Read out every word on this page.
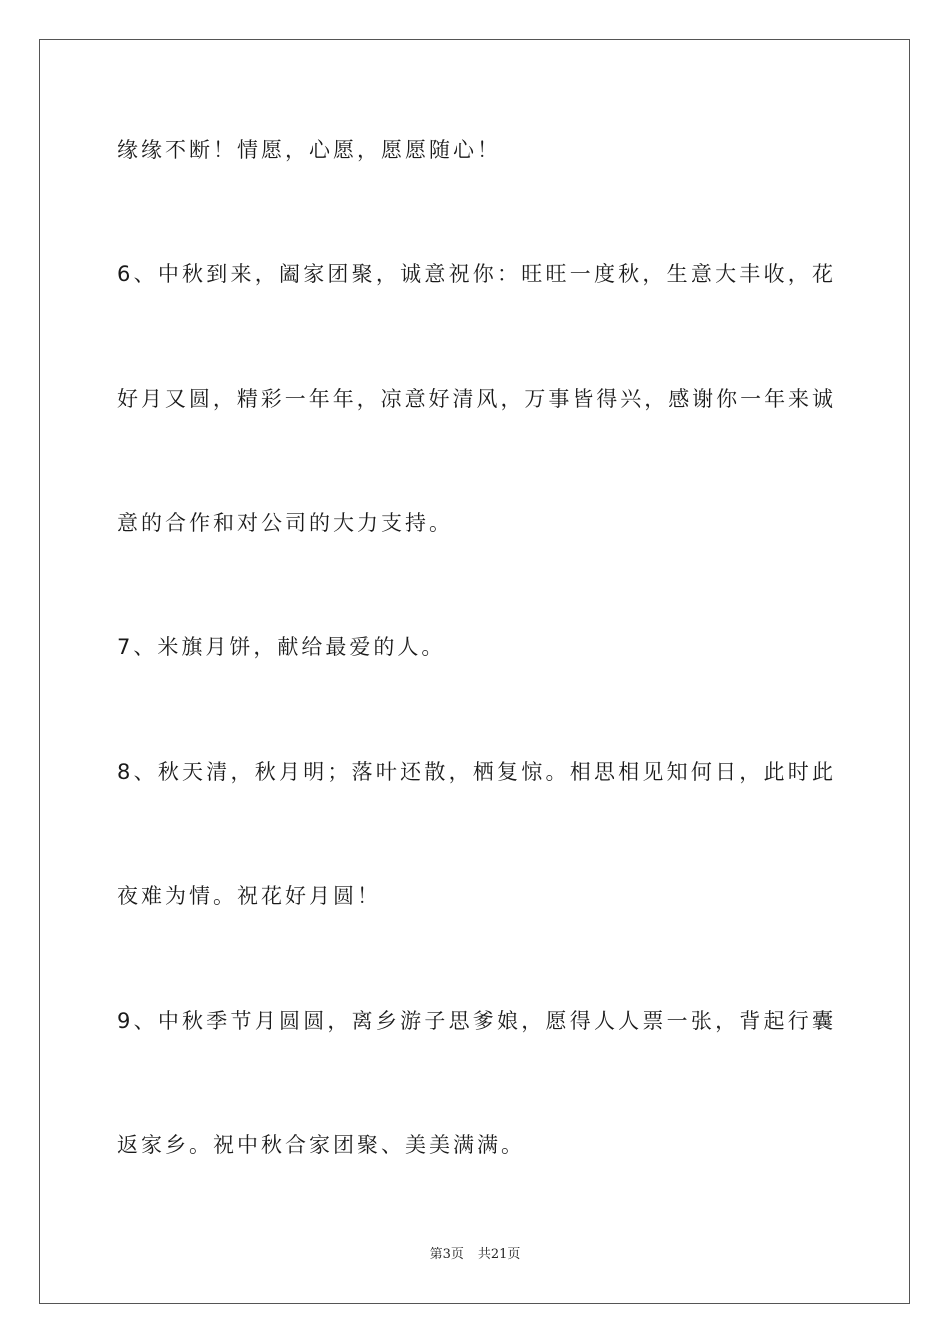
缘缘不断！情愿，心愿，愿愿随心！
6、中秋到来，阖家团聚，诚意祝你：旺旺一度秋，生意大丰收，花
好月又圆，精彩一年年，凉意好清风，万事皆得兴，感谢你一年来诚
意的合作和对公司的大力支持。
7、米旗月饼，献给最爱的人。
8、秋天清，秋月明；落叶还散，栖复惊。相思相见知何日，此时此
夜难为情。祝花好月圆！
9、中秋季节月圆圆，离乡游子思爹娘，愿得人人票一张，背起行囊
返家乡。祝中秋合家团聚、美美满满。
第3页 共21页
